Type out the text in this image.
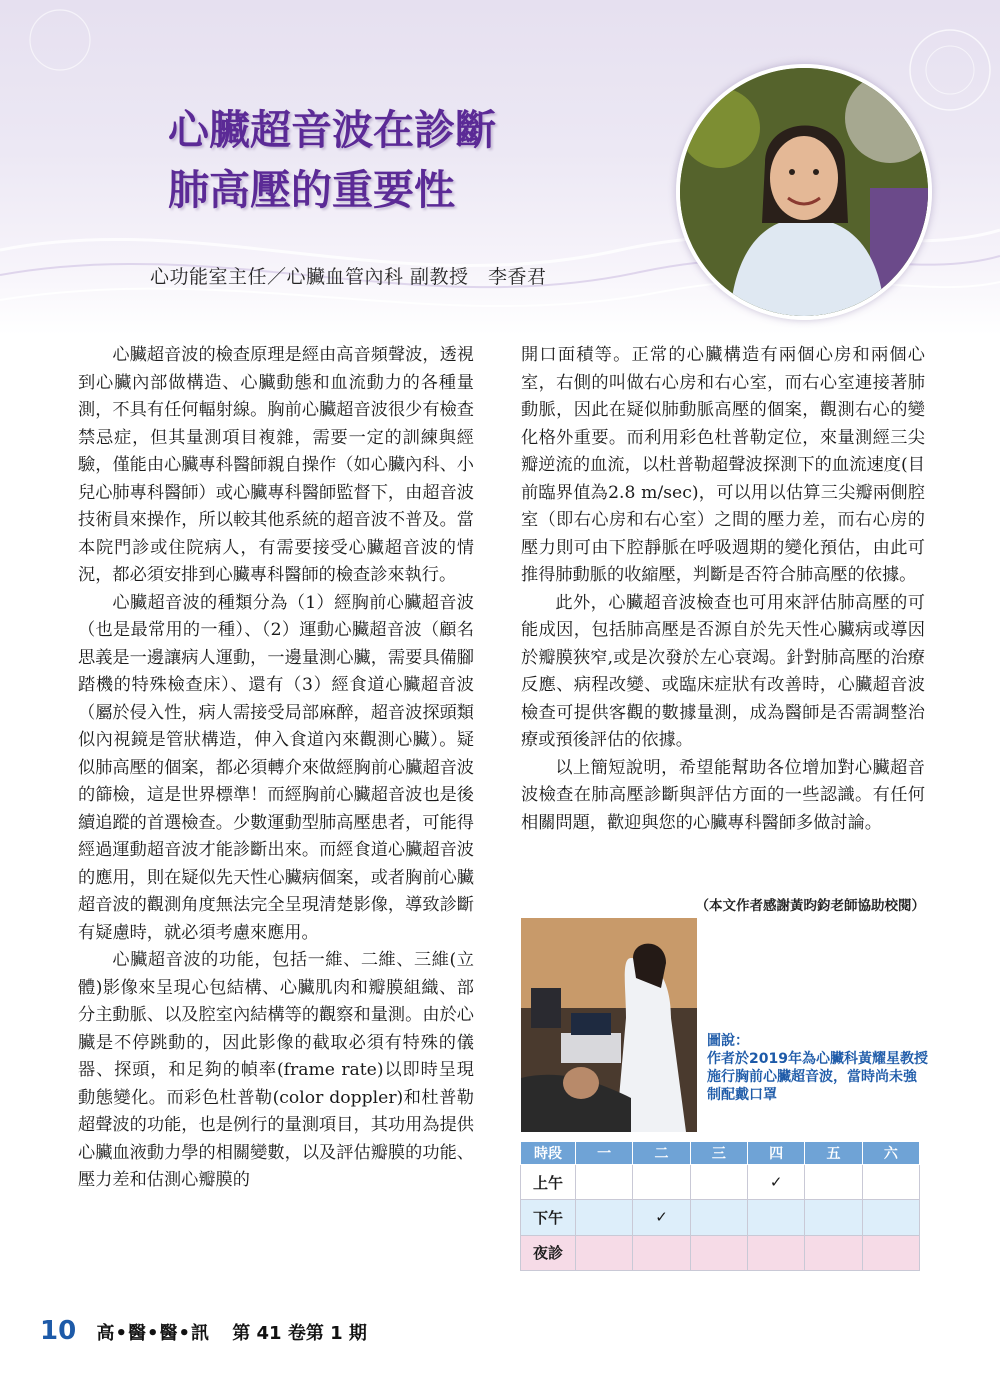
心臟超音波在診斷
肺高壓的重要性
心功能室主任／心臟血管內科 副教授　李香君

心臟超音波的檢查原理是經由高音頻聲波，透視到心臟內部做構造、心臟動態和血流動力的各種量測，不具有任何輻射線。胸前心臟超音波很少有檢查禁忌症，但其量測項目複雜，需要一定的訓練與經驗，僅能由心臟專科醫師親自操作（如心臟內科、小兒心肺專科醫師）或心臟專科醫師監督下，由超音波技術員來操作，所以較其他系統的超音波不普及。當本院門診或住院病人，有需要接受心臟超音波的情況，都必須安排到心臟專科醫師的檢查診來執行。

心臟超音波的種類分為（1）經胸前心臟超音波（也是最常用的一種）、（2）運動心臟超音波（顧名思義是一邊讓病人運動，一邊量測心臟，需要具備腳踏機的特殊檢查床）、還有（3）經食道心臟超音波（屬於侵入性，病人需接受局部麻醉，超音波探頭類似內視鏡是管狀構造，伸入食道內來觀測心臟）。疑似肺高壓的個案，都必須轉介來做經胸前心臟超音波的篩檢，這是世界標準！而經胸前心臟超音波也是後續追蹤的首選檢查。少數運動型肺高壓患者，可能得經過運動超音波才能診斷出來。而經食道心臟超音波的應用，則在疑似先天性心臟病個案，或者胸前心臟超音波的觀測角度無法完全呈現清楚影像，導致診斷有疑慮時，就必須考慮來應用。

心臟超音波的功能，包括一維、二維、三維(立體)影像來呈現心包結構、心臟肌肉和瓣膜組織、部分主動脈、以及腔室內結構等的觀察和量測。由於心臟是不停跳動的，因此影像的截取必須有特殊的儀器、探頭，和足夠的幀率(frame rate)以即時呈現動態變化。而彩色杜普勒(color doppler)和杜普勒超聲波的功能，也是例行的量測項目，其功用為提供心臟血液動力學的相關變數，以及評估瓣膜的功能、壓力差和估測心瓣膜的

開口面積等。正常的心臟構造有兩個心房和兩個心室，右側的叫做右心房和右心室，而右心室連接著肺動脈，因此在疑似肺動脈高壓的個案，觀測右心的變化格外重要。而利用彩色杜普勒定位，來量測經三尖瓣逆流的血流，以杜普勒超聲波探測下的血流速度(目前臨界值為2.8 m/sec)，可以用以估算三尖瓣兩側腔室（即右心房和右心室）之間的壓力差，而右心房的壓力則可由下腔靜脈在呼吸週期的變化預估，由此可推得肺動脈的收縮壓，判斷是否符合肺高壓的依據。

此外，心臟超音波檢查也可用來評估肺高壓的可能成因，包括肺高壓是否源自於先天性心臟病或導因於瓣膜狹窄,或是次發於左心衰竭。針對肺高壓的治療反應、病程改變、或臨床症狀有改善時，心臟超音波檢查可提供客觀的數據量測，成為醫師是否需調整治療或預後評估的依據。

以上簡短說明，希望能幫助各位增加對心臟超音波檢查在肺高壓診斷與評估方面的一些認識。有任何相關問題，歡迎與您的心臟專科醫師多做討論。

（本文作者感謝黃昀鈞老師協助校閱）
圖說：
作者於2019年為心臟科黃耀星教授施行胸前心臟超音波，當時尚未強制配戴口罩
時段	一	二	三	四	五	六
上午				✓		
下午		✓				
夜診						
10 高•醫•醫•訊 第 41 卷第 1 期
